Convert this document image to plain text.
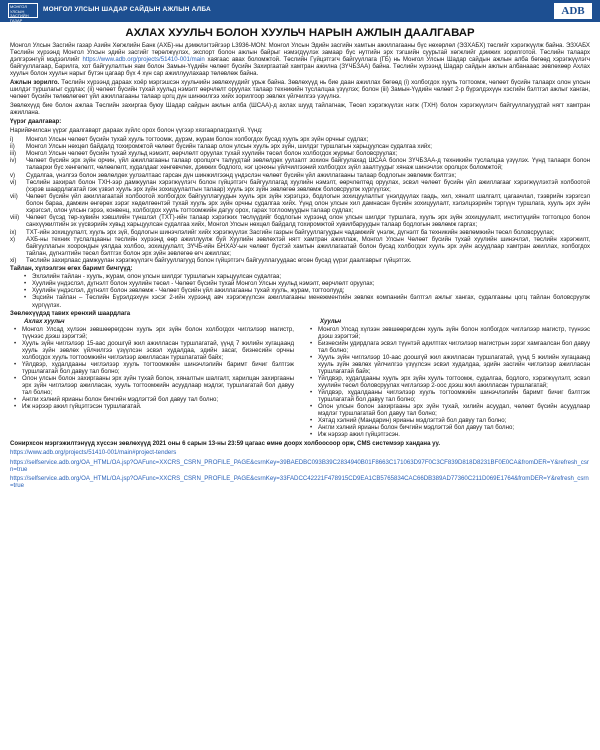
МОНГОЛ УЛСЫН ЗАСГИЙН ГАЗАР
МОНГОЛ УЛСЫН ШАДАР САЙДЫН АЖЛЫН АЛБА	ADB
АХЛАХ ХУУЛЬЧ БОЛОН ХУУЛЬЧ НАРЫН АЖЛЫН ДААЛГАВАР

Монгол Улсын Засгийн газар Азийн Хөгжлийн Банк (АХБ)-ны дэмжлэгтэйгээр L3936-MON: Монгол Улсын Эдийн засгийн хамтын ажиллагааны бүс нөхөрлөл (ЭЗХАБХ) төслийг хэрэгжүүлж байна. ЭЗХАБХ Төслийн хүрээнд Монгол Улсын эдийн засгийг төрөлжүүлэх, экспорт болон ажлын байрыг нэмэгдүүлэх замаар бүс нутгийн эрх тэгшийн суурьтай хөгжлийг дэмжих зорилготой. Төслийн талаарх дэлгэрэнгүй мэдээллийг https://www.adb.org/projects/51410-001/main хаягаас авах боломжтой. Төслийн Гүйцэтгэгч байгууллага (ГБ) нь Монгол Улсын Шадар сайдын ажлын алба бөгөөд хэрэгжүүлэгч байгууллагаар, Барилга, хот байгуулалтын яам болон Замын-Үүдийн чөлөөт бүсийн Захиргаатай хамтран ажилна (ЗҮЧБЗАА) байна. Төслийн хүрээнд Шадар сайдын ажлын албанааас зөвлөхөөр Ахлах хуульч болон хуульч нарыг бүтэн цагаар бүх 4 хүн сар ажиллуулахаар төлөвлөж байна.

Ажлын зорилго. Төслийн хүрээнд дараах хоёр мэргэшсэн хуульчийн зөвлөхүүдийг урьж байна. Зөвлөхүүд нь бие даан ажиллах бөгөөд (i) холбогдох хууль тогтоомж, чөлөөт бүсийн талаарх олон улсын шилдэг туршлагыг судлах; (ii) чөлөөт бүсийн тухай хуульд нэмэлт өөрчлөлт оруулах талаар техникийн туслалцаа үзүүлэх; болон (iii) Замын-Үүдийн чөлөөт 2-р бүрэлдэхүүн хэсгийн бэлтгэл ажлыг ханган, чөлөөт бүсийн төлөвлөгөөт үйл ажиллагааны талаар цогц дүн шинжилгээ хийх зорилгоор зөвлөх үйлчилгээ үзүүлнэ.

Зөвлөхүүд бие болон ажлаа Төслийн захиргаа буюу Шадар сайдын ажлын алба (ШСАА)-д ахлах шууд тайлагнаж, Төсөл хэрэгжүүлэх нэгж (ТХН) болон хэрэгжүүлэгч байгууллагуудтай нягт хамтран ажиллана.

Үүрэг даалгавар:

Нарийвчилсан үүрэг даалгаварт дараах зүйлс орох болон үүгээр хязгаарлагдахгүй. Үүнд:

i) Монгол Улсын чөлөөт бүсийн тухай хууль тогтоомж, дүрэм, журам болон холбогдох бусад хууль эрх зүйн орчныг судлах;
ii) Монгол Улсын нөхцөл байдалд тохиромжтой чөлөөт бүсийн талаар олон улсын хууль эрх зүйн, шилдэг туршлагын харьцуулсан судалгаа хийх;
iii) Монгол Улсын чөлөөт бүсийн тухай хуульд нэмэлт, өөрчлөлт оруулах тухай хуулийн төсөл болон холбогдох журмыг боловсруулах;
iv) Чөлөөт бүсийн эрх зүйн орчин, үйл ажиллагааны талаар оролцогч талуудтай зөвлөлдөх уулзалт зохион байгуулахад ШСАА болон ЗҮЧБЗАА-д техникийн туслалцаа үзүүлэх. Үүнд талаарх болон талаархи бүс хөнгөлөлт, чөлөөлөлт, худалдааг хөнгөвчлөх, дэмжих бодлого, нэг цонхны үйлчилгээний холбогдох зүйл заалтуудыг хянаж шинэчлэх оролцох боломжтой;
v) Судалгаа, үнэлгээ болон зөвлөлдөх уулзалтаас гарсан дүн шинжилгээнд үндэслэн чөлөөт бүсийн үйл ажиллагааны талаар бодлогын зөвлөмж бэлтгэх;
vi) Төслийн захирал болон ТХН-ээр дамжуулан хэрэгжүүлэгч болон гүйцэтгэгч байгууллагад хуулийн нэмэлт, өөрчлөлтөд оруулах, эсвэл чөлөөт бүсийн үйл ажиллагааг хэрэгжүүлэхтэй холбоотой (хэрэв шаардлагатай гэж үзвэл хууль эрх зүйн зохицуулалтын талаар) хууль эрх зүйн зөвлөгөө зөвлөмж боловсруулж хүргүүлэх;
vii) Чөлөөт бүсийн үйл ажиллагаатай холбоотой холбогдох байгууллагуудын хууль эрх зүйн хэрэгцээ, бодлогын зохицуулалтыг үнэлдүүлах гаадь, хил, хяналт шалгалт, цагаачлал, тээврийн хэрэгсэл болон бараа, дамжин өнгөрөх зэрэг хөдөлгөөнтэй тухай хууль эрх зүйн орчны судалгаа хийх. Үүнд олон улсын хил дамнасан бүсийн зохицуулалт, хэлэлцээрийн тэргүүн туршлага, хууль эрх зүйн хэрэгсэл, олон улсын гэрээ, конвенц, холбогдох хууль тогтоомжийн дагуу орох, гарах тоглоомуудын талаар судлах;
viii) Чөлөөт бүсэд төр-хувийн хэвшлийн түншлэл (ТХТ)-ийн талаар хэрэгжих төслүүдийг бодлогын хүрээнд олон улсын шилдэг туршлага, хууль эрх зүйн зохицуулалт, институцийн тогтолцоо болон санхүүжилтийн эх үүсвэрийн хувьд харьцуулсан судалгаа хийх, Монгол Улсын нөхцөл байдалд тохиромжтой хувилбаруудын талаар бодлогын зөвлөмж гаргах;
ix) ТХТ-ийн зохицуулалт, хууль эрх зүй, бодлогын шинэчлэлийг хийх хэрэгжүүлэх Засгийн газрын байгууллагуудын чадамжийг үнэлж, дүгнэлт ба техникийн зөвлөмжийн төсөл боловсруулах;
x) АХБ-ны техник туслалцааны төслийн хүрээнд өөр ажиллуулж буй Хуулийн зөвлөхтэй нягт хамтран ажиллаж, Монгол Улсын Чөлөөт бүсийн тухай хуулийн шинэчлэл, төслийн хэрэгжилт, байгууллагын хоорондын уялдаа холбоо, зохицуулалт, ЗҮЧБ-ийн БНХАУ-ын чөлөөт бүстэй хамтын ажиллагаатай болон бусад холбогдох хууль эрх зүйн асуудлаар хамтран ажиллах, холбогдох тайлан, дүгнэлтийн төсөл бэлтгэх болон эрх зүйн зөвлөгөө өгч ажиллах;
xi) Төслийн захирлаас дамжуулан хэрэгжүүлэгч байгууллагууд болон гүйцэтгэгч байгууллагуудаас өгсөн бусад үүрэг даалгаврыг гүйцэтгэх.
Тайлан, хүлээлгэн өгөх баримт бичгүүд:
• Эхлэлийн тайлан - хууль, журам, олон улсын шилдэг туршлагын харьцуулсан судалгаа;
• Хуулийн үндэслэл, дүгнэлт болон хуулийн төсөл - Чөлөөт бүсийн тухай Монгол Улсын хуульд нэмэлт, өөрчлөлт оруулах;
• Хуулийн үндэслэл, дүгнэлт болон зөвлөмж - Чөлөөт бүсийн үйл ажиллагааны тухай хууль, журам, тогтоолууд;
• Эцсийн тайлан – Төслийн Бүрэлдэхүүн хэсэг 2-ийн хүрээнд авч хэрэгжүүлсэн ажиллагааны менежментийн зөвлөх компанийн бэлтгэл ажлыг хангах, судалгааны цогц тайлан боловсруулж хүргүүлэх.
Зөвлөхүүдэд тавих ерөнхий шаардлага
Ахлах хуульч
• Монгол Улсад хүлээн зөвшөөрөгдсөн хууль эрх зүйн болон холбогдох чиглэлээр магистр, түүнээс дээш зэрэгтэй;
• Хууль зүйн чиглэлээр 15-аас доошгүй жил ажилласан туршлагатай, үүнд 7 жилийн хугацаанд хууль зүйн зөвлөх үйлчилгээ үзүүлсэн эсвэл худалдаа, эдийн засаг, бизнесийн орчны холбогдох хууль тогтоомжийн чиглэлээр ажилласан туршлагатай байх;
• Үйлдвэр, худалдааны чиглэлээр хууль тогтоомжийн шинэчлэлийн баримт бичиг бэлтгэж туршлагатай бол давуу тал болно;
• Олон улсын болон захиргааны эрх зүйн тухай болон, хяналтын шалгалт, харилцан захиргааны эрх зүйн чиглэлээр ажилласан, хууль тогтоомжийн асуудлаар мэдлэг, туршлагатай бол давуу тал болно;
• Англи хэлний ярианы болон бичгийн мэдлэгтэй бол давуу тал болно;
• Иж нэрээр ажил гүйцэтгэсэн туршлагатай.
Хуульч
• Монгол Улсад хүлээн зөвшөөрөгдсөн хууль зүйн болон холбогдох чиглэлээр магистр, түүнээс дээш зэрэгтэй;
• Бизнесийн удирдлага эсвэл түүнтэй адилтгах чиглэлээр магистрын зэрэг хамгаалсан бол давуу тал болно;
• Хууль зүйн чиглэлээр 10-аас доошгүй жил ажилласан туршлагатай, үүнд 5 жилийн хугацаанд хууль зүйн зөвлөх үйлчилгээ үзүүлсэн эсвэл худалдаа, эдийн засгийн чиглэлээр ажилласан туршлагатай байх;
• Үйлдвэр, худалдааны хууль эрх зүйн хууль тогтоомж, судалгаа, бодлого, хэрэгжүүлэлт, эсвэл хуулийн төсөл боловсруулах чиглэлээр 2-оос дээш жил ажилласан туршлагатай;
• Үйлдвэр, худалдааны чиглэлээр хууль тогтоомжийн шинэчлэлийн баримт бичиг бэлтгэж туршлагатай бол давуу тал болно;
• Олон улсын болон захиргааны эрх зүйн тухай, хилийн асуудал, чөлөөт бүсийн асуудлаар мэдлэг туршлагатай бол давуу тал болно;
• Хятад хэлний (Мандарин) ярианы мэдлэгтэй бол давуу тал болно;
• Англи хэлний ярианы болон бичгийн мэдлэгтэй бол давуу тал болно;
• Иж нэрээр ажил гүйцэтгэсэн.

Сонирхсон мэргэжилтэнүүд хүссэн зөвлөхүүд 2021 оны 6 сарын 13-ны 23:59 цагаас өмнө доорх холбоосоор орж, CMS системээр хандана уу.

https://www.adb.org/projects/51410-001/main#project-tenders

https://selfservice.adb.org/OA_HTML/OA.jsp?OAFunc=XXCRS_CSRN_PROFILE_PAGE&csrnKey=39BAEDBC093B39C2834940B01F8663C171063D97F0C3CF839D818D8231BF0E0CA&fromDER=Y&refresh_csrn=true

https://selfservice.adb.org/OA_HTML/OA.jsp?OAFunc=XXCRS_CSRN_PROFILE_PAGE&csrnKey=33FADCC42221F478915CD9EA1CB5765834CAC66DB389AD77360C211D069E1764&fromDER=Y&refresh_csrn=true
